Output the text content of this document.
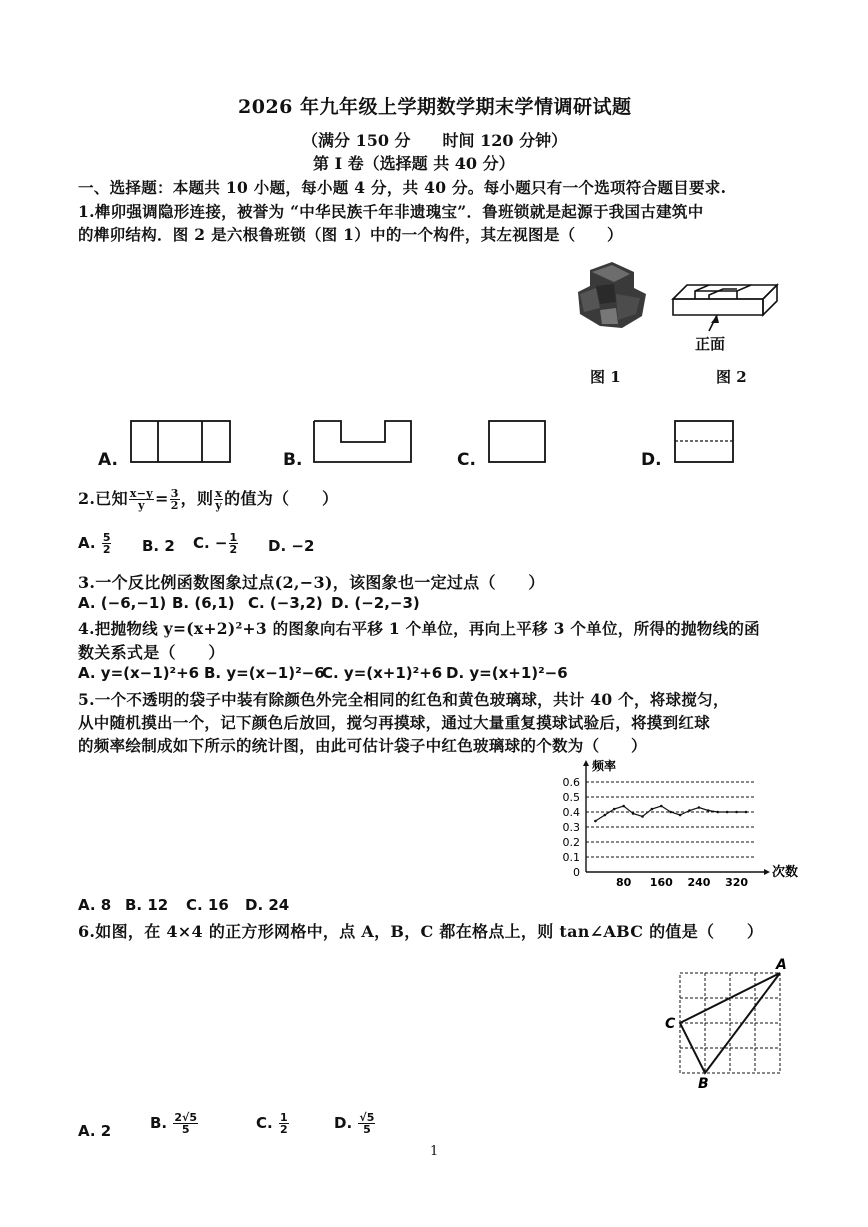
2026 年九年级上学期数学期末学情调研试题
（满分 150 分　　时间 120 分钟）
第 Ⅰ 卷（选择题 共 40 分）
一、选择题：本题共 10 小题，每小题 4 分，共 40 分。每小题只有一个选项符合题目要求.
1.榫卯强调隐形连接，被誉为 “中华民族千年非遗瑰宝”．鲁班锁就是起源于我国古建筑中
的榫卯结构．图 2 是六根鲁班锁（图 1）中的一个构件，其左视图是（　　）
正面
图 1	图 2
A.	B.	C.	D.
2.已知 $\frac{x-y}{y} = \frac{3}{2}$ ，则 $\frac{x}{y}$ 的值为（　　）
A. $\frac{5}{2} B$. 2 C. − $\frac{1}{2} D$. −2
3.一个反比例函数图象过点(2,−3)，该图象也一定过点（　　）
A. (−6,−1) B. (6,1) C. (−3,2) D. (−2,−3)
4.把抛物线 y=(x+2)²+3 的图象向右平移 1 个单位，再向上平移 3 个单位，所得的抛物线的函
数关系式是（　　）
A. y=(x−1)²+6 B. y=(x−1)²−6
C. y=(x+1)²+6 D. y=(x+1)²−6
5.一个不透明的袋子中装有除颜色外完全相同的红色和黄色玻璃球，共计 40 个，将球搅匀，
从中随机摸出一个，记下颜色后放回，搅匀再摸球，通过大量重复摸球试验后，将摸到红球
的频率绘制成如下所示的统计图，由此可估计袋子中红色玻璃球的个数为（　　）
0
0.1
0.2
0.3
0.4
0.5
0.6
80 160 240 320
频率
次数
A. 8 B. 12 C. 16 D. 24
6.如图，在 4×4 的正方形网格中，点 A，B，C 都在格点上，则 tan∠ABC 的值是（　　）
A
C
B
A. 2	B. $\frac{2√5}{5}$	C. $\frac{1}{2}$	D. $\frac{√5}{5}$
1
